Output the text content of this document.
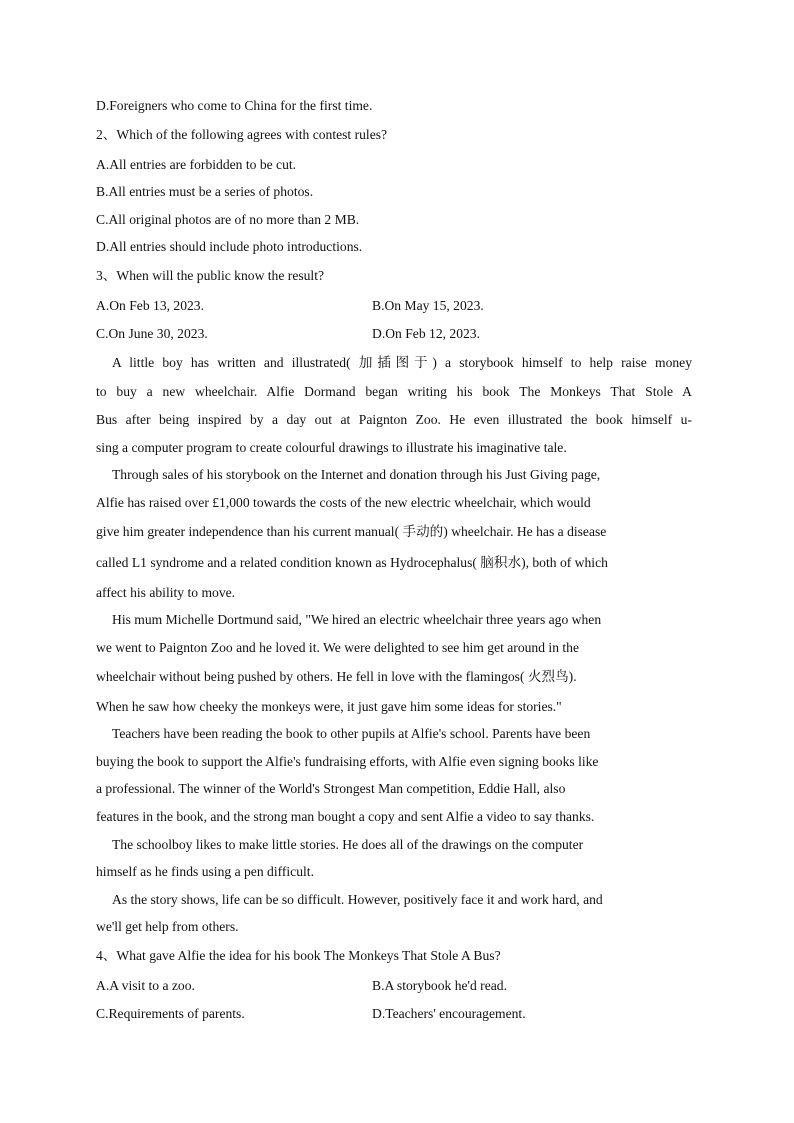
D.Foreigners who come to China for the first time.
2、Which of the following agrees with contest rules?
A.All entries are forbidden to be cut.
B.All entries must be a series of photos.
C.All original photos are of no more than 2 MB.
D.All entries should include photo introductions.
3、When will the public know the result?
A.On Feb 13, 2023.	B.On May 15, 2023.
C.On June 30, 2023.	D.On Feb 12, 2023.
A little boy has written and illustrated( 加插图于) a storybook himself to help raise money
to buy a new wheelchair. Alfie Dormand began writing his book The Monkeys That Stole A
Bus after being inspired by a day out at Paignton Zoo. He even illustrated the book himself u-
sing a computer program to create colourful drawings to illustrate his imaginative tale.
Through sales of his storybook on the Internet and donation through his Just Giving page,
Alfie has raised over £1,000 towards the costs of the new electric wheelchair, which would
give him greater independence than his current manual( 手动的) wheelchair. He has a disease
called L1 syndrome and a related condition known as Hydrocephalus( 脑积水), both of which
affect his ability to move.
His mum Michelle Dortmund said, "We hired an electric wheelchair three years ago when
we went to Paignton Zoo and he loved it. We were delighted to see him get around in the
wheelchair without being pushed by others. He fell in love with the flamingos( 火烈鸟).
When he saw how cheeky the monkeys were, it just gave him some ideas for stories."
Teachers have been reading the book to other pupils at Alfie's school. Parents have been
buying the book to support the Alfie's fundraising efforts, with Alfie even signing books like
a professional. The winner of the World's Strongest Man competition, Eddie Hall, also
features in the book, and the strong man bought a copy and sent Alfie a video to say thanks.
The schoolboy likes to make little stories. He does all of the drawings on the computer
himself as he finds using a pen difficult.
As the story shows, life can be so difficult. However, positively face it and work hard, and
we'll get help from others.
4、What gave Alfie the idea for his book The Monkeys That Stole A Bus?
A.A visit to a zoo.	B.A storybook he'd read.
C.Requirements of parents.	D.Teachers' encouragement.
